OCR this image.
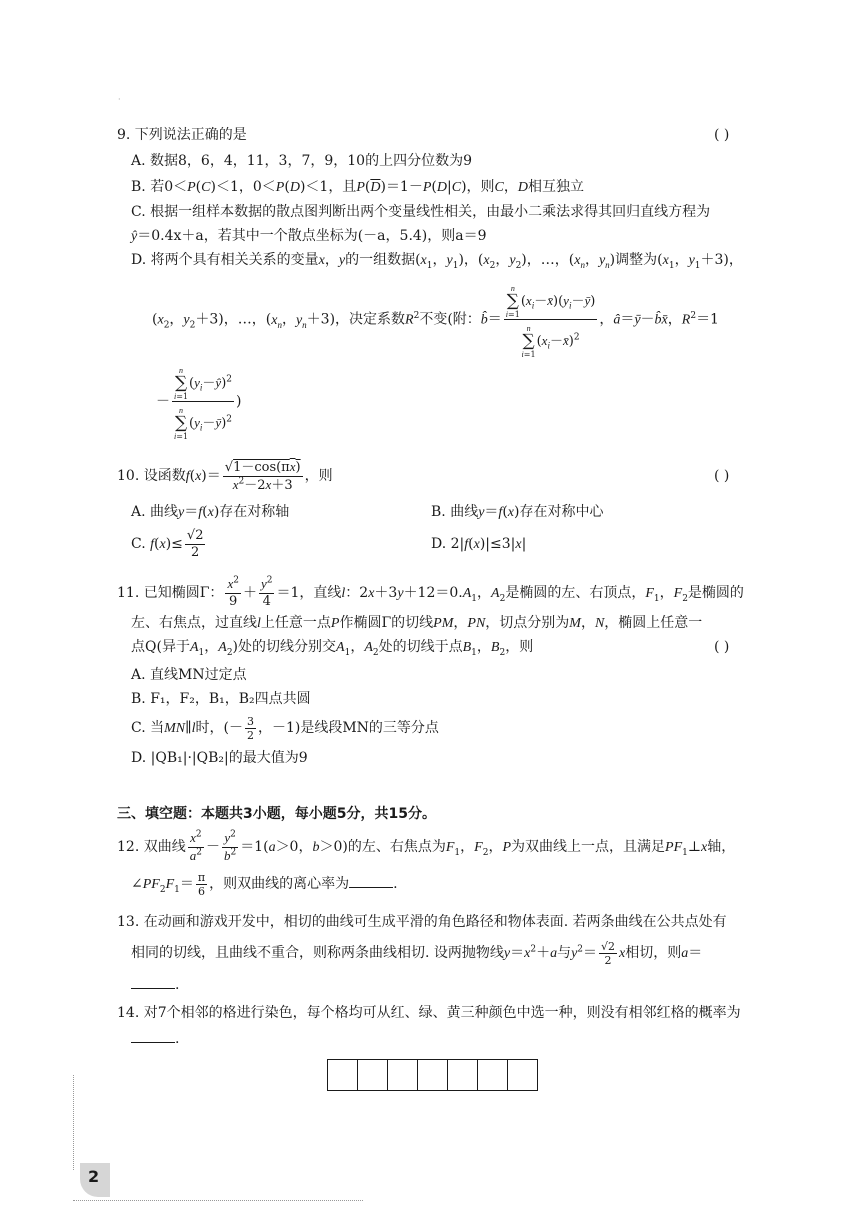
·
9. 下列说法正确的是	( )
A. 数据8，6，4，11，3，7，9，10的上四分位数为9
B. 若0＜P(C)＜1，0＜P(D)＜1，且$P(\overline{D})=1-P(D|C)$，则C，D相互独立
C. 根据一组样本数据的散点图判断出两个变量线性相关，由最小二乘法求得其回归直线方程为
ŷ＝0.4x＋a，若其中一个散点坐标为(－a，5.4)，则a＝9
D. 将两个具有相关关系的变量x，y的一组数据($x_1$，$y_1$)，($x_2$，$y_2$)，…，($x_n$，$y_n$)调整为($x_1$，$y_1+3$)，
($x_2$，$y_2+3$)，…，($x_n$，$y_n+3$)，决定系数$R^2$不变(附：b̂＝ n
∑
i=1
$(x_i-x̄)(y_i-ȳ)$
n
∑
i=1
$(x_i-x̄)^2$ ，â＝ȳ－b̂x̄，$R^2=1$
－ n
∑
i=1
$(y_i-ŷ)^2$
n
∑
i=1
$(y_i-ȳ)^2$ )
10. 设函数$f(x)= \frac{√1-\cos(\pi x)}{x^2-2x+3}$ ，则	( )
A. 曲线y＝f(x)存在对称轴	B. 曲线y＝f(x)存在对称中心
C. $f(x)\le \frac{√2}{2}$	D. 2|f(x)|≤3|x|
11. 已知椭圆Γ： $\frac{x^2}{9} + \frac{y^2}{4} =1$，直线l：$2x+3y+12=0.A_1$，$A_2$是椭圆的左、右顶点，$F_1$，$F_2$是椭圆的
左、右焦点，过直线l上任意一点P作椭圆Γ的切线PM，PN，切点分别为M，N，椭圆上任意一
点Q(异于$A_1$，$A_2$)处的切线分别交$A_1$，$A_2$处的切线于点$B_1$，$B_2$，则	( )
A. 直线MN过定点
B. F₁，F₂，B₁，B₂四点共圆
C. 当MN∥l时，(－ $\frac{3}{2}$ ，－1)是线段MN的三等分点
D. |QB₁|·|QB₂|的最大值为9
三、填空题：本题共3小题，每小题5分，共15分。
12. 双曲线 $\frac{x^2}{a^2} - \frac{y^2}{b^2} =1(a>0$，b＞0)的左、右焦点为$F_1$，$F_2$，P为双曲线上一点，且满足$PF_1\perp x$轴，
$\angle PF_2F_1= \frac{\pi}{6}$ ，则双曲线的离心率为	.
13. 在动画和游戏开发中，相切的曲线可生成平滑的角色路径和物体表面. 若两条曲线在公共点处有
相同的切线，且曲线不重合，则称两条曲线相切. 设两抛物线$y=x^2+a$与$y^2= \frac{√2}{2}$ x相切，则a＝
.
14. 对7个相邻的格进行染色，每个格均可从红、绿、黄三种颜色中选一种，则没有相邻红格的概率为
.
2
